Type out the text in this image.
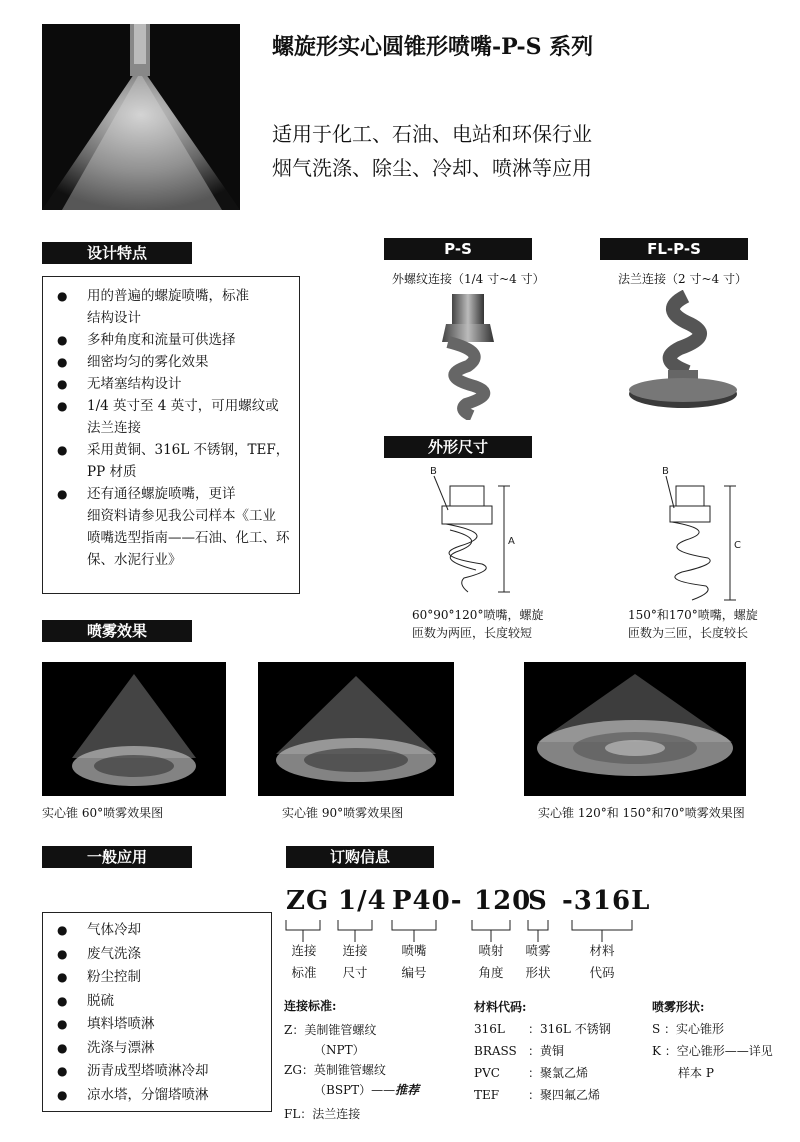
螺旋形实心圆锥形喷嘴-P-S 系列
适用于化工、石油、电站和环保行业
烟气洗涤、除尘、冷却、喷淋等应用
设计特点
● 用的普遍的螺旋喷嘴，标准
结构设计
● 多种角度和流量可供选择
● 细密均匀的雾化效果
● 无堵塞结构设计
● 1/4 英寸至 4 英寸，可用螺纹或
法兰连接
● 采用黄铜、316L 不锈钢，TEF，
PP 材质
● 还有通径螺旋喷嘴，更详
细资料请参见我公司样本《工业
喷嘴选型指南——石油、化工、环
保、水泥行业》
P-S
外螺纹连接（1/4 寸~4 寸）
FL-P-S
法兰连接（2 寸~4 寸）
外形尺寸
B
A
60°90°120°喷嘴，螺旋
匝数为两匝，长度较短
B
C
150°和170°喷嘴，螺旋
匝数为三匝，长度较长
喷雾效果
实心锥 60°喷雾效果图	实心锥 90°喷雾效果图	实心锥 120°和 150°和70°喷雾效果图
一般应用
● 气体冷却
● 废气洗涤
● 粉尘控制
● 脱硫
● 填料塔喷淋
● 洗涤与漂淋
● 沥青成型塔喷淋冷却
● 凉水塔，分馏塔喷淋
订购信息
ZG 1/4 P40- 120
S -316L
连接
标准
连接
尺寸
喷嘴
编号
喷射
角度
喷雾
形状
材料
代码
连接标准:
Z：美制锥管螺纹
（NPT）
ZG：英制锥管螺纹
（BSPT）——推荐
FL：法兰连接
材料代码:
316L ：316L 不锈钢
BRASS ：黄铜
PVC ：聚氯乙烯
TEF ：聚四氟乙烯
喷雾形状:
S ：实心锥形
K ：空心锥形——详见
样本 P
